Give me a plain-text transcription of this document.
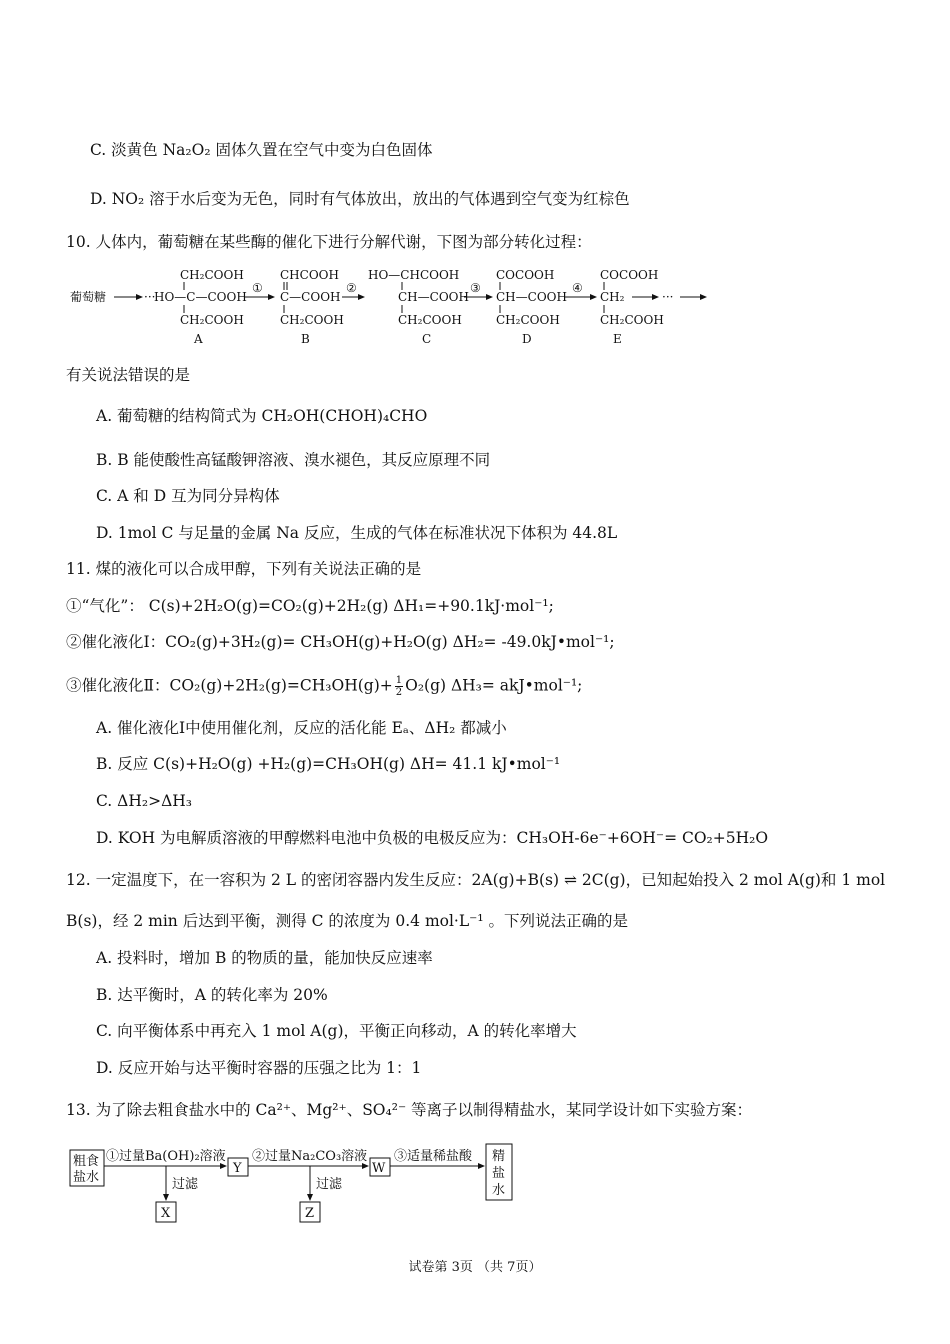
C. 淡黄色 Na₂O₂ 固体久置在空气中变为白色固体
D. NO₂ 溶于水后变为无色，同时有气体放出，放出的气体遇到空气变为红棕色
10. 人体内，葡萄糖在某些酶的催化下进行分解代谢，下图为部分转化过程：
葡萄糖	···
CH₂COOH
HO—C—COOH
CH₂COOH
A
①
CHCOOH
C—COOH
CH₂COOH
B
②
HO—CHCOOH
CH—COOH
CH₂COOH
C
③
COCOOH
CH—COOH
CH₂COOH
D
④
COCOOH
CH₂
CH₂COOH
E
···
有关说法错误的是
A. 葡萄糖的结构简式为 CH₂OH(CHOH)₄CHO
B. B 能使酸性高锰酸钾溶液、溴水褪色，其反应原理不同
C. A 和 D 互为同分异构体
D. 1mol C 与足量的金属 Na 反应，生成的气体在标准状况下体积为 44.8L
11. 煤的液化可以合成甲醇，下列有关说法正确的是
①“气化”： C(s)+2H₂O(g)=CO₂(g)+2H₂(g) ΔH₁=+90.1kJ·mol⁻¹;
②催化液化Ⅰ：CO₂(g)+3H₂(g)= CH₃OH(g)+H₂O(g) ΔH₂= -49.0kJ•mol⁻¹;
③催化液化Ⅱ：$CO_2(g)+2H_2(g)=CH_3OH(g)+ \frac{1}{2} O_2(g)$ ΔH₃= akJ•mol⁻¹;
A. 催化液化Ⅰ中使用催化剂，反应的活化能 Eₐ、ΔH₂ 都减小
B. 反应 C(s)+H₂O(g) +H₂(g)=CH₃OH(g) ΔH= 41.1 kJ•mol⁻¹
C. ΔH₂>ΔH₃
D. KOH 为电解质溶液的甲醇燃料电池中负极的电极反应为：CH₃OH-6e⁻+6OH⁻= CO₂+5H₂O
12. 一定温度下，在一容积为 2 L 的密闭容器内发生反应：2A(g)+B(s) ⇌ 2C(g)，已知起始投入 2 mol A(g)和 1 mol
B(s)，经 2 min 后达到平衡，测得 C 的浓度为 0.4 mol·L⁻¹ 。下列说法正确的是
A. 投料时，增加 B 的物质的量，能加快反应速率
B. 达平衡时，A 的转化率为 20%
C. 向平衡体系中再充入 1 mol A(g)，平衡正向移动，A 的转化率增大
D. 反应开始与达平衡时容器的压强之比为 1：1
13. 为了除去粗食盐水中的 Ca²⁺、Mg²⁺、SO₄²⁻ 等离子以制得精盐水，某同学设计如下实验方案：
粗食
盐水
①过量Ba(OH)₂溶液
Y
②过量Na₂CO₃溶液
W
③适量稀盐酸 精
盐
水
过滤	过滤
X	Z
试卷第 3页 （共 7页）
